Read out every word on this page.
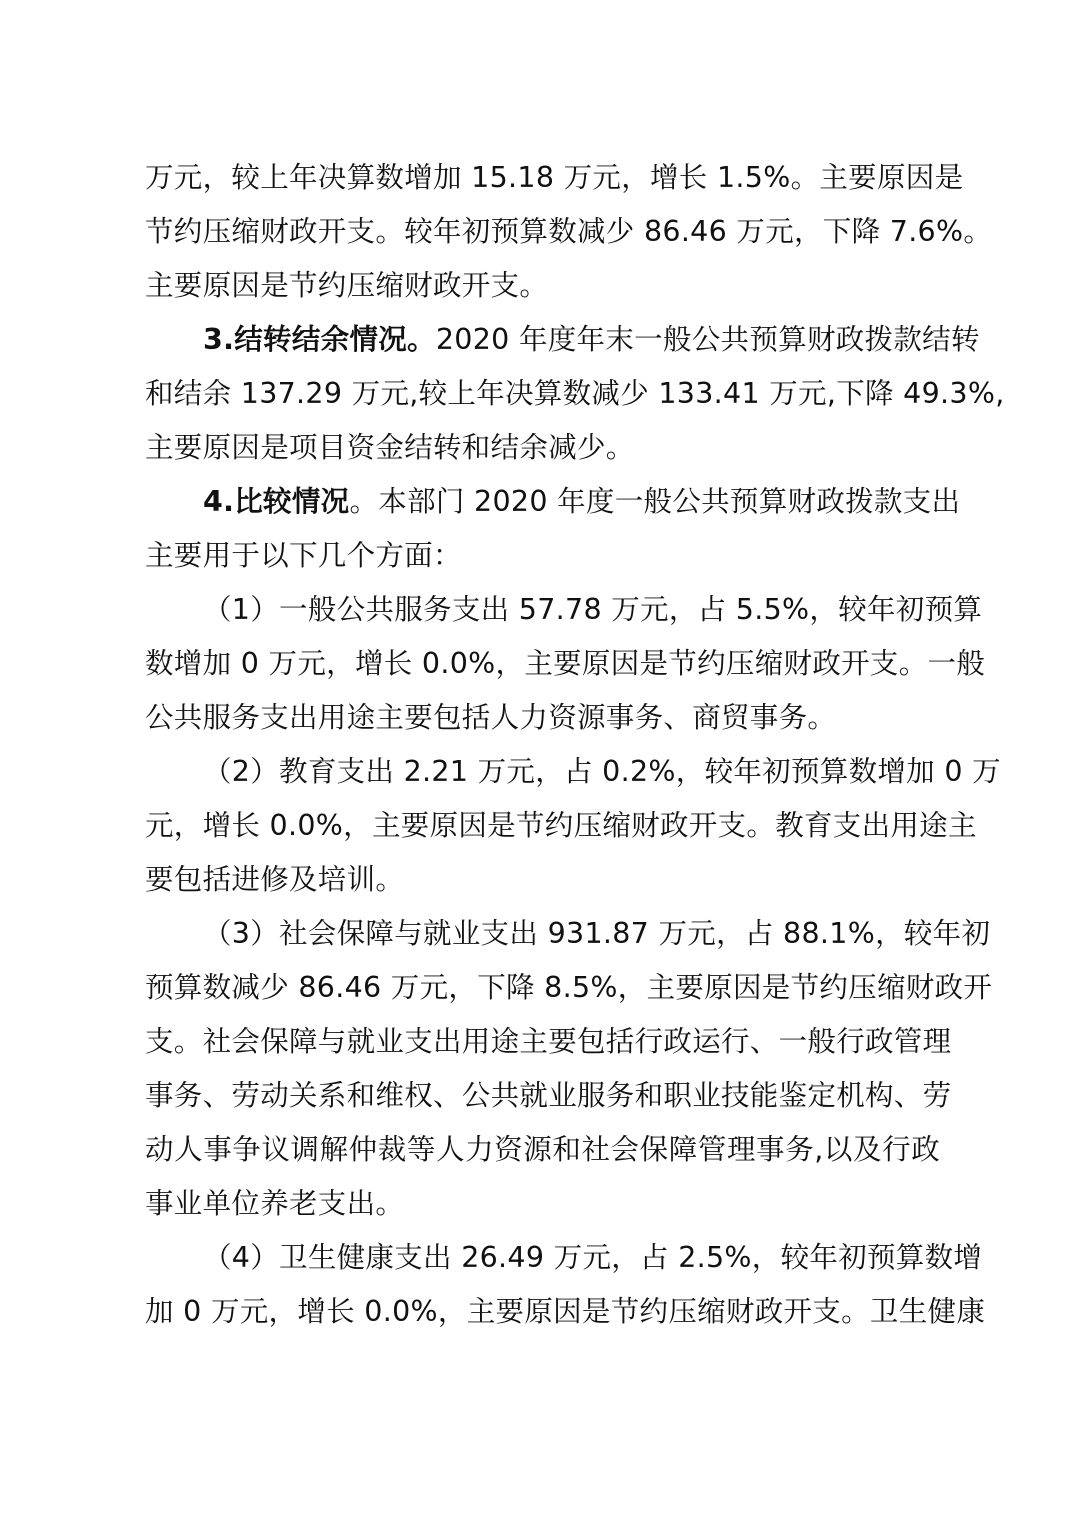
万元，较上年决算数增加 15.18 万元，增长 1.5%。主要原因是
节约压缩财政开支。较年初预算数减少 86.46 万元，下降 7.6%。
主要原因是节约压缩财政开支。
3.结转结余情况。2020 年度年末一般公共预算财政拨款结转
和结余 137.29 万元,较上年决算数减少 133.41 万元,下降 49.3%,
主要原因是项目资金结转和结余减少。
4.比较情况。本部门 2020 年度一般公共预算财政拨款支出
主要用于以下几个方面：
（1）一般公共服务支出 57.78 万元，占 5.5%，较年初预算
数增加 0 万元，增长 0.0%，主要原因是节约压缩财政开支。一般
公共服务支出用途主要包括人力资源事务、商贸事务。
（2）教育支出 2.21 万元，占 0.2%，较年初预算数增加 0 万
元，增长 0.0%，主要原因是节约压缩财政开支。教育支出用途主
要包括进修及培训。
（3）社会保障与就业支出 931.87 万元，占 88.1%，较年初
预算数减少 86.46 万元，下降 8.5%，主要原因是节约压缩财政开
支。社会保障与就业支出用途主要包括行政运行、一般行政管理
事务、劳动关系和维权、公共就业服务和职业技能鉴定机构、劳
动人事争议调解仲裁等人力资源和社会保障管理事务,以及行政
事业单位养老支出。
（4）卫生健康支出 26.49 万元，占 2.5%，较年初预算数增
加 0 万元，增长 0.0%，主要原因是节约压缩财政开支。卫生健康
